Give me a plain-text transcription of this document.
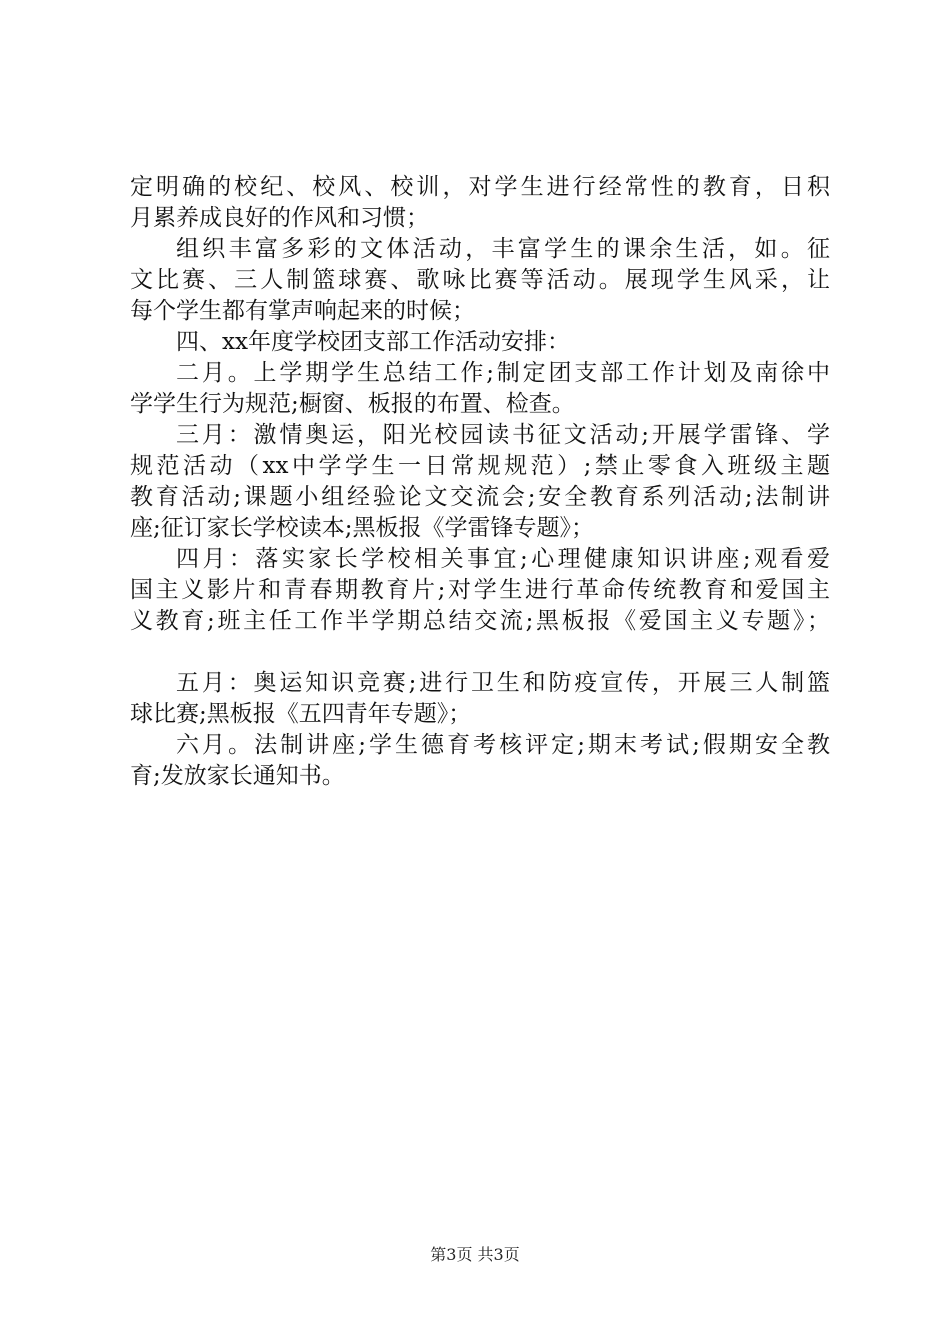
定明确的校纪、校风、校训，对学生进行经常性的教育，日积
月累养成良好的作风和习惯；
组织丰富多彩的文体活动，丰富学生的课余生活，如。征
文比赛、三人制篮球赛、歌咏比赛等活动。展现学生风采，让
每个学生都有掌声响起来的时候；
四、xx年度学校团支部工作活动安排：
二月。上学期学生总结工作;制定团支部工作计划及南徐中
学学生行为规范;橱窗、板报的布置、检查。
三月：激情奥运，阳光校园读书征文活动;开展学雷锋、学
规范活动（xx中学学生一日常规规范）;禁止零食入班级主题
教育活动;课题小组经验论文交流会;安全教育系列活动;法制讲
座;征订家长学校读本;黑板报《学雷锋专题》；
四月：落实家长学校相关事宜;心理健康知识讲座;观看爱
国主义影片和青春期教育片;对学生进行革命传统教育和爱国主
义教育;班主任工作半学期总结交流;黑板报《爱国主义专题》；
五月：奥运知识竞赛;进行卫生和防疫宣传，开展三人制篮
球比赛;黑板报《五四青年专题》；
六月。法制讲座;学生德育考核评定;期末考试;假期安全教
育;发放家长通知书。
第3页 共3页
